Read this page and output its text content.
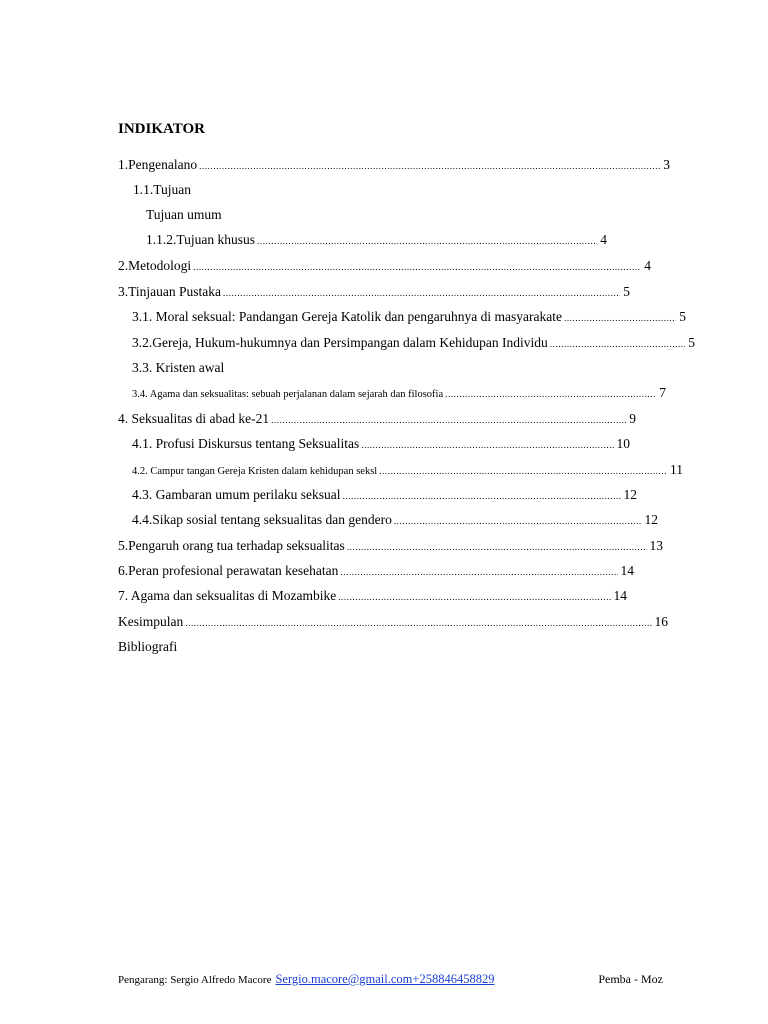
INDIKATOR
1.Pengenalano .....	3
1.1.Tujuan
Tujuan umum
1.1.2.Tujuan khusus .....	4
2.Metodologi .....	4
3.Tinjauan Pustaka .....	5
3.1. Moral seksual: Pandangan Gereja Katolik dan pengaruhnya di masyarakate .....	5
3.2.Gereja, Hukum-hukumnya dan Persimpangan dalam Kehidupan Individu .....	5
3.3. Kristen awal
3.4. Agama dan seksualitas: sebuah perjalanan dalam sejarah dan filosofia .....	7
4. Seksualitas di abad ke-21 .....	9
4.1. Profusi Diskursus tentang Seksualitas .....	10
4.2. Campur tangan Gereja Kristen dalam kehidupan seksl .....	11
4.3. Gambaran umum perilaku seksual .....	12
4.4.Sikap sosial tentang seksualitas dan gendero .....	12
5.Pengaruh orang tua terhadap seksualitas .....	13
6.Peran profesional perawatan kesehatan .....	14
7. Agama dan seksualitas di Mozambike .....	14
Kesimpulan .....	16
Bibliografi
Pengarang: Sergio Alfredo Macore Sergio.macore@gmail.com+258846458829	Pemba - Moz
